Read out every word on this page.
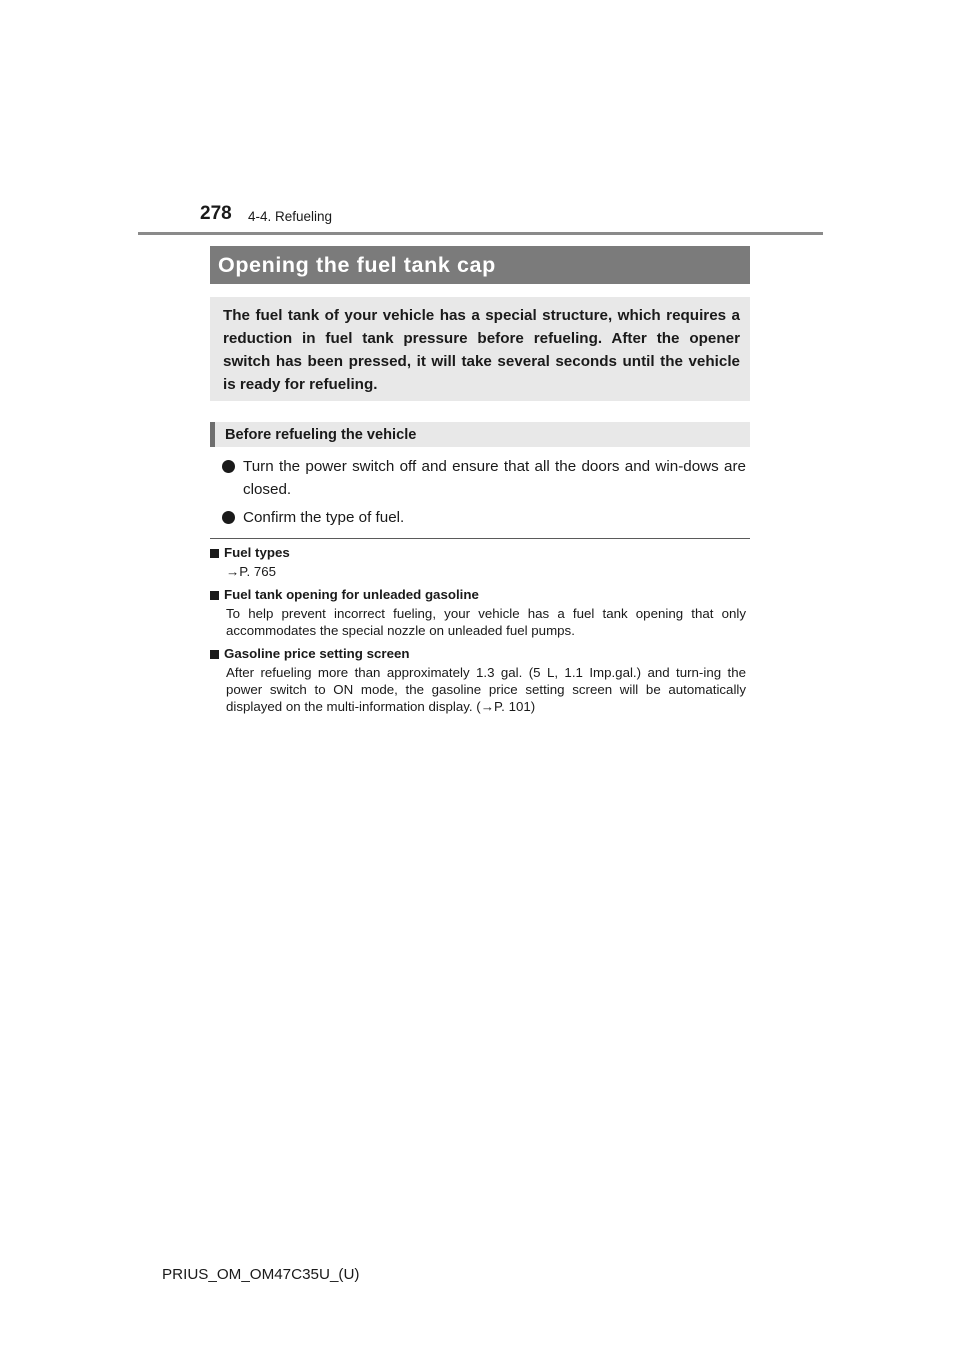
278 4-4. Refueling
Opening the fuel tank cap

The fuel tank of your vehicle has a special structure, which requires a reduction in fuel tank pressure before refueling. After the opener switch has been pressed, it will take several seconds until the vehicle is ready for refueling.

Before refueling the vehicle
Turn the power switch off and ensure that all the doors and win-dows are closed.
Confirm the type of fuel.
Fuel types
→P. 765
Fuel tank opening for unleaded gasoline
To help prevent incorrect fueling, your vehicle has a fuel tank opening that only accommodates the special nozzle on unleaded fuel pumps.
Gasoline price setting screen
After refueling more than approximately 1.3 gal. (5 L, 1.1 Imp.gal.) and turn-ing the power switch to ON mode, the gasoline price setting screen will be automatically displayed on the multi-information display. (→P. 101)
PRIUS_OM_OM47C35U_(U)
